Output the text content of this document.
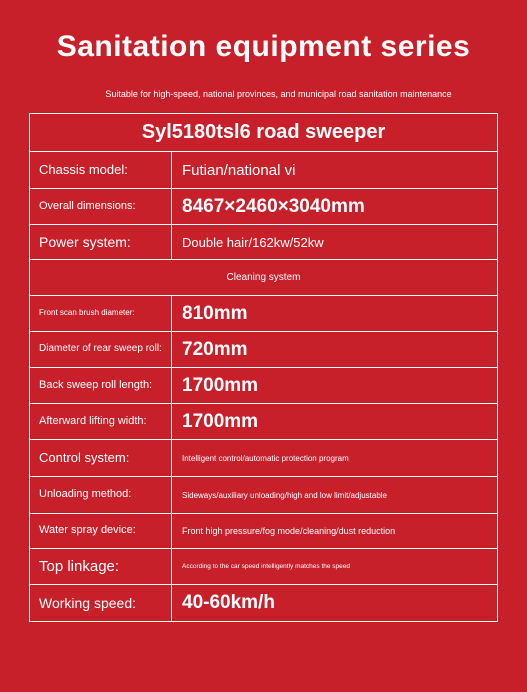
Sanitation equipment series
Suitable for high-speed, national provinces, and municipal road sanitation maintenance
Syl5180tsl6 road sweeper
Chassis model:	Futian/national vi
Overall dimensions:	8467×2460×3040mm
Power system:	Double hair/162kw/52kw
Cleaning system
Front scan brush diameter:	810mm
Diameter of rear sweep roll:	720mm
Back sweep roll length:	1700mm
Afterward lifting width:	1700mm
Control system:	Intelligent control/automatic protection program
Unloading method:	Sideways/auxiliary unloading/high and low limit/adjustable
Water spray device:	Front high pressure/fog mode/cleaning/dust reduction
Top linkage:	According to the car speed intelligently matches the speed
Working speed:	40-60km/h
